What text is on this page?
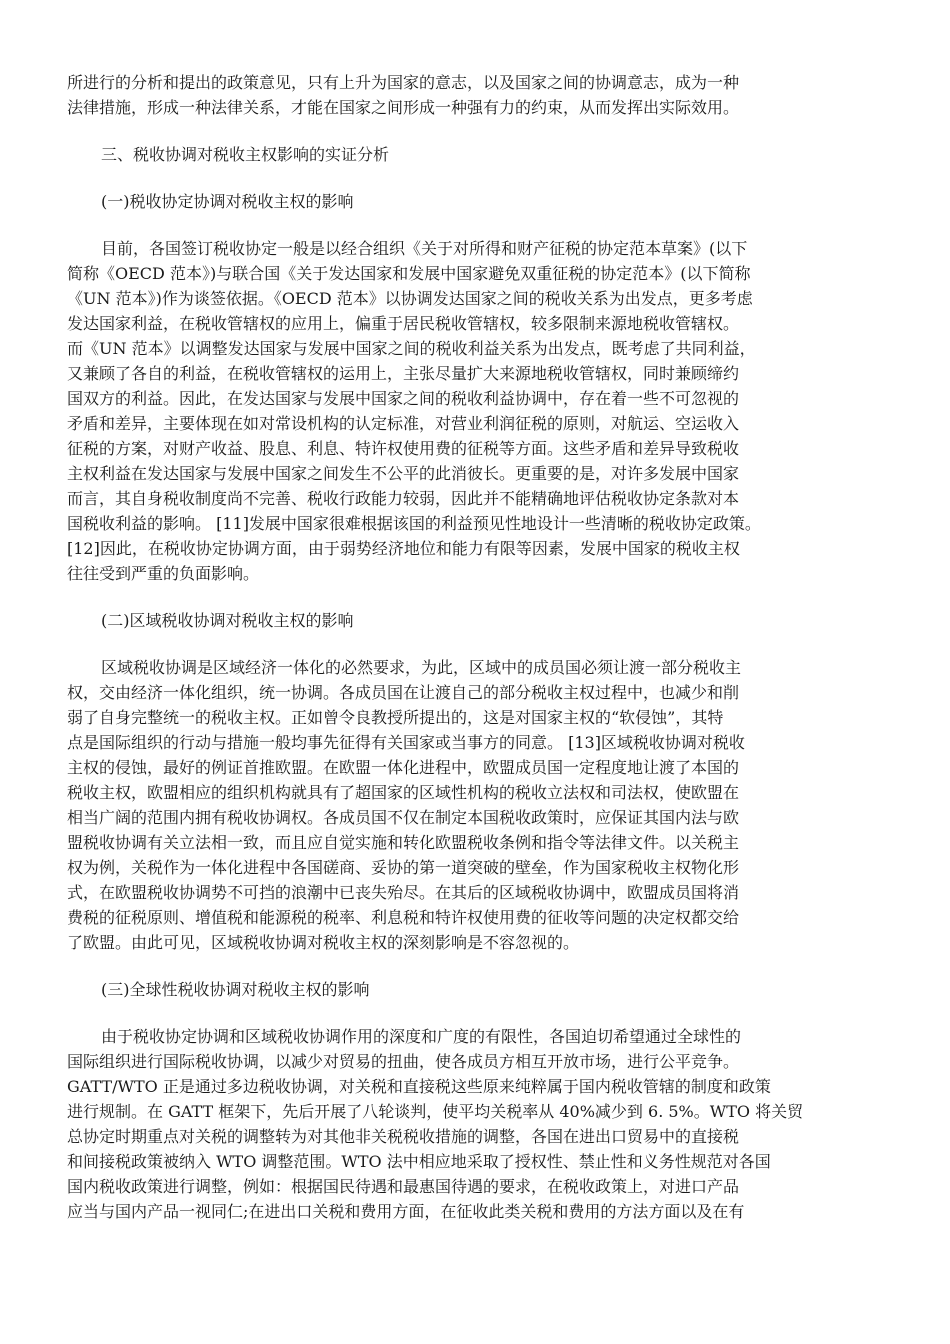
所进行的分析和提出的政策意见，只有上升为国家的意志，以及国家之间的协调意志，成为一种
法律措施，形成一种法律关系，才能在国家之间形成一种强有力的约束，从而发挥出实际效用。
三、税收协调对税收主权影响的实证分析
(一)税收协定协调对税收主权的影响
目前，各国签订税收协定一般是以经合组织《关于对所得和财产征税的协定范本草案》(以下
简称《OECD 范本》)与联合国《关于发达国家和发展中国家避免双重征税的协定范本》(以下简称
《UN 范本》)作为谈签依据。《OECD 范本》以协调发达国家之间的税收关系为出发点，更多考虑
发达国家利益，在税收管辖权的应用上，偏重于居民税收管辖权，较多限制来源地税收管辖权。
而《UN 范本》以调整发达国家与发展中国家之间的税收利益关系为出发点，既考虑了共同利益，
又兼顾了各自的利益，在税收管辖权的运用上，主张尽量扩大来源地税收管辖权，同时兼顾缔约
国双方的利益。因此，在发达国家与发展中国家之间的税收利益协调中，存在着一些不可忽视的
矛盾和差异，主要体现在如对常设机构的认定标准，对营业利润征税的原则，对航运、空运收入
征税的方案，对财产收益、股息、利息、特许权使用费的征税等方面。这些矛盾和差异导致税收
主权利益在发达国家与发展中国家之间发生不公平的此消彼长。更重要的是，对许多发展中国家
而言，其自身税收制度尚不完善、税收行政能力较弱，因此并不能精确地评估税收协定条款对本
国税收利益的影响。 [11]发展中国家很难根据该国的利益预见性地设计一些清晰的税收协定政策。
[12]因此，在税收协定协调方面，由于弱势经济地位和能力有限等因素，发展中国家的税收主权
往往受到严重的负面影响。
(二)区域税收协调对税收主权的影响
区域税收协调是区域经济一体化的必然要求，为此，区域中的成员国必须让渡一部分税收主
权，交由经济一体化组织，统一协调。各成员国在让渡自己的部分税收主权过程中，也减少和削
弱了自身完整统一的税收主权。正如曾令良教授所提出的，这是对国家主权的“软侵蚀”，其特
点是国际组织的行动与措施一般均事先征得有关国家或当事方的同意。 [13]区域税收协调对税收
主权的侵蚀，最好的例证首推欧盟。在欧盟一体化进程中，欧盟成员国一定程度地让渡了本国的
税收主权，欧盟相应的组织机构就具有了超国家的区域性机构的税收立法权和司法权，使欧盟在
相当广阔的范围内拥有税收协调权。各成员国不仅在制定本国税收政策时，应保证其国内法与欧
盟税收协调有关立法相一致，而且应自觉实施和转化欧盟税收条例和指令等法律文件。以关税主
权为例，关税作为一体化进程中各国磋商、妥协的第一道突破的壁垒，作为国家税收主权物化形
式，在欧盟税收协调势不可挡的浪潮中已丧失殆尽。在其后的区域税收协调中，欧盟成员国将消
费税的征税原则、增值税和能源税的税率、利息税和特许权使用费的征收等问题的决定权都交给
了欧盟。由此可见，区域税收协调对税收主权的深刻影响是不容忽视的。
(三)全球性税收协调对税收主权的影响
由于税收协定协调和区域税收协调作用的深度和广度的有限性，各国迫切希望通过全球性的
国际组织进行国际税收协调，以减少对贸易的扭曲，使各成员方相互开放市场，进行公平竞争。
GATT/WTO 正是通过多边税收协调，对关税和直接税这些原来纯粹属于国内税收管辖的制度和政策
进行规制。在 GATT 框架下，先后开展了八轮谈判，使平均关税率从 40%减少到 6. 5%。WTO 将关贸
总协定时期重点对关税的调整转为对其他非关税税收措施的调整，各国在进出口贸易中的直接税
和间接税政策被纳入 WTO 调整范围。WTO 法中相应地采取了授权性、禁止性和义务性规范对各国
国内税收政策进行调整，例如：根据国民待遇和最惠国待遇的要求，在税收政策上，对进口产品
应当与国内产品一视同仁;在进出口关税和费用方面，在征收此类关税和费用的方法方面以及在有
